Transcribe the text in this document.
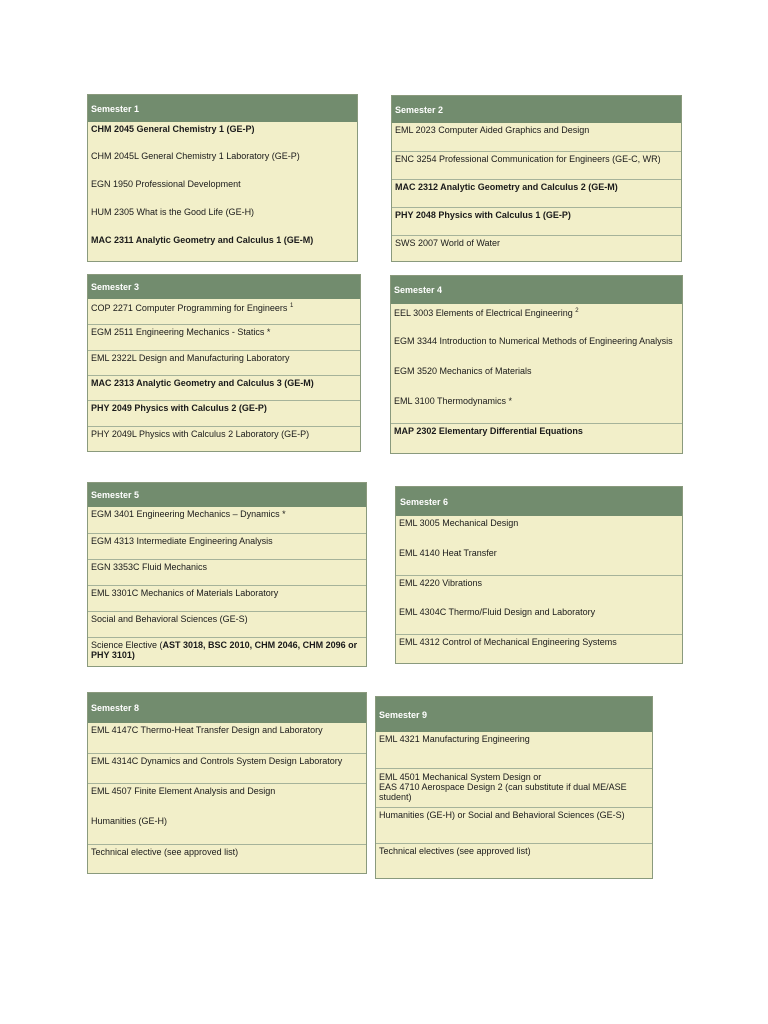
Semester 1
CHM 2045 General Chemistry 1 (GE-P)
CHM 2045L General Chemistry 1 Laboratory (GE-P)
EGN 1950 Professional Development
HUM 2305 What is the Good Life (GE-H)
MAC 2311 Analytic Geometry and Calculus 1 (GE-M)
Semester 2
EML 2023 Computer Aided Graphics and Design
ENC 3254 Professional Communication for Engineers (GE-C, WR)
MAC 2312 Analytic Geometry and Calculus 2 (GE-M)
PHY 2048 Physics with Calculus 1 (GE-P)
SWS 2007 World of Water
Semester 3
COP 2271 Computer Programming for Engineers $^1$
EGM 2511 Engineering Mechanics - Statics *
EML 2322L Design and Manufacturing Laboratory
MAC 2313 Analytic Geometry and Calculus 3 (GE-M)
PHY 2049 Physics with Calculus 2 (GE-P)
PHY 2049L Physics with Calculus 2 Laboratory (GE-P)
Semester 4
EEL 3003 Elements of Electrical Engineering $^2$
EGM 3344 Introduction to Numerical Methods of Engineering Analysis
EGM 3520 Mechanics of Materials
EML 3100 Thermodynamics *
MAP 2302 Elementary Differential Equations
Semester 5
EGM 3401 Engineering Mechanics – Dynamics *
EGM 4313 Intermediate Engineering Analysis
EGN 3353C Fluid Mechanics
EML 3301C Mechanics of Materials Laboratory
Social and Behavioral Sciences (GE-S)
Science Elective (AST 3018, BSC 2010, CHM 2046, CHM 2096 or PHY 3101)
Semester 6
EML 3005 Mechanical Design
EML 4140 Heat Transfer
EML 4220 Vibrations
EML 4304C Thermo/Fluid Design and Laboratory
EML 4312 Control of Mechanical Engineering Systems
Semester 8
EML 4147C Thermo-Heat Transfer Design and Laboratory
EML 4314C Dynamics and Controls System Design Laboratory
EML 4507 Finite Element Analysis and Design
Humanities (GE-H)
Technical elective (see approved list)
Semester 9
EML 4321 Manufacturing Engineering
EML 4501 Mechanical System Design or
EAS 4710 Aerospace Design 2 (can substitute if dual ME/ASE student)
Humanities (GE-H) or Social and Behavioral Sciences (GE-S)
Technical electives (see approved list)
